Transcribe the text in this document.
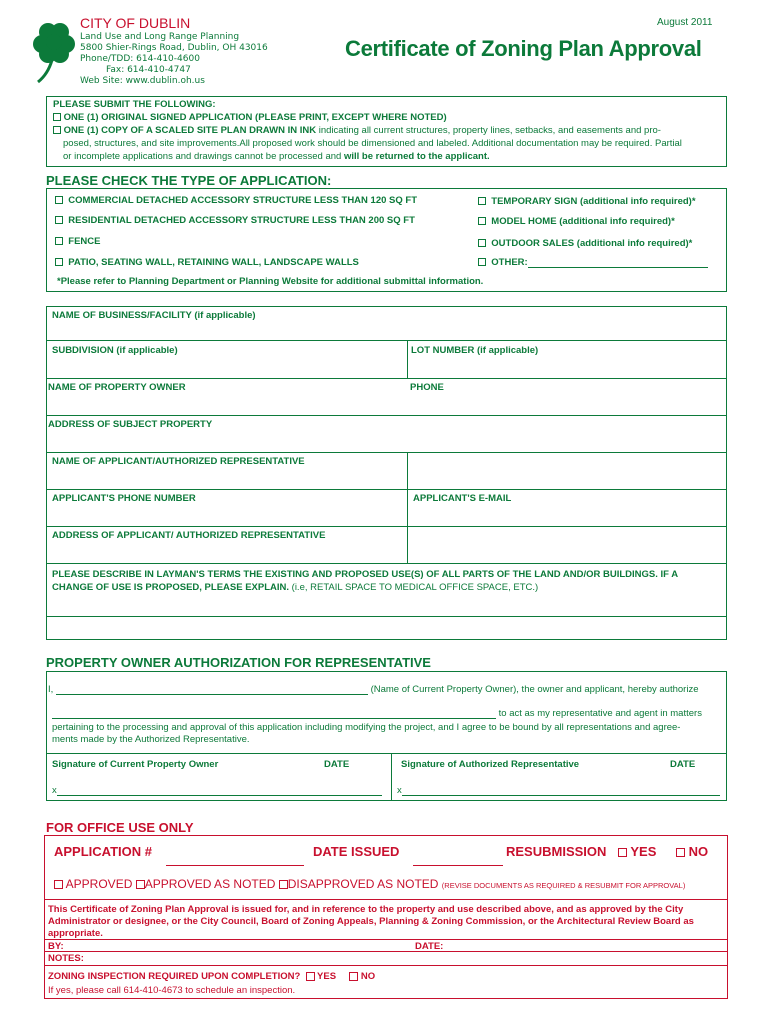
CITY OF DUBLIN
Land Use and Long Range Planning
5800 Shier-Rings Road, Dublin, OH 43016
Phone/TDD: 614-410-4600
Fax: 614-410-4747
Web Site: www.dublin.oh.us
August 2011
Certificate of Zoning Plan Approval
PLEASE SUBMIT THE FOLLOWING:
ONE (1) ORIGINAL SIGNED APPLICATION (PLEASE PRINT, EXCEPT WHERE NOTED)
ONE (1) COPY OF A SCALED SITE PLAN DRAWN IN INK indicating all current structures, property lines, setbacks, and easements and pro-
posed, structures, and site improvements.All proposed work should be dimensioned and labeled. Additional documentation may be required. Partial
or incomplete applications and drawings cannot be processed and will be returned to the applicant.
PLEASE CHECK THE TYPE OF APPLICATION:
COMMERCIAL DETACHED ACCESSORY STRUCTURE LESS THAN 120 SQ FT
RESIDENTIAL DETACHED ACCESSORY STRUCTURE LESS THAN 200 SQ FT
FENCE
PATIO, SEATING WALL, RETAINING WALL, LANDSCAPE WALLS
TEMPORARY SIGN (additional info required)*
MODEL HOME (additional info required)*
OUTDOOR SALES (additional info required)*
OTHER:
*Please refer to Planning Department or Planning Website for additional submittal information.
NAME OF BUSINESS/FACILITY (if applicable)
SUBDIVISION (if applicable)	LOT NUMBER (if applicable)
NAME OF PROPERTY OWNER	PHONE
ADDRESS OF SUBJECT PROPERTY
NAME OF APPLICANT/AUTHORIZED REPRESENTATIVE
APPLICANT'S PHONE NUMBER	APPLICANT'S E-MAIL
ADDRESS OF APPLICANT/ AUTHORIZED REPRESENTATIVE
PLEASE DESCRIBE IN LAYMAN'S TERMS THE EXISTING AND PROPOSED USE(S) OF ALL PARTS OF THE LAND AND/OR BUILDINGS. IF A
CHANGE OF USE IS PROPOSED, PLEASE EXPLAIN. (i.e, RETAIL SPACE TO MEDICAL OFFICE SPACE, ETC.)
PROPERTY OWNER AUTHORIZATION FOR REPRESENTATIVE
I,	(Name of Current Property Owner), the owner and applicant, hereby authorize
to act as my representative and agent in matters
pertaining to the processing and approval of this application including modifying the project, and I agree to be bound by all representations and agree-
ments made by the Authorized Representative.
Signature of Current Property Owner	DATE	Signature of Authorized Representative	DATE
x	x
FOR OFFICE USE ONLY
APPLICATION #	DATE ISSUED	RESUBMISSION	YES	NO
APPROVED APPROVED AS NOTED DISAPPROVED AS NOTED (REVISE DOCUMENTS AS REQUIRED & RESUBMIT FOR APPROVAL)
This Certificate of Zoning Plan Approval is issued for, and in reference to the property and use described above, and as approved by the City Administrator or designee, or the City Council, Board of Zoning Appeals, Planning & Zoning Commission, or the Architectural Review Board as appropriate.
BY:	DATE:
NOTES:
ZONING INSPECTION REQUIRED UPON COMPLETION? YES	NO
If yes, please call 614-410-4673 to schedule an inspection.
